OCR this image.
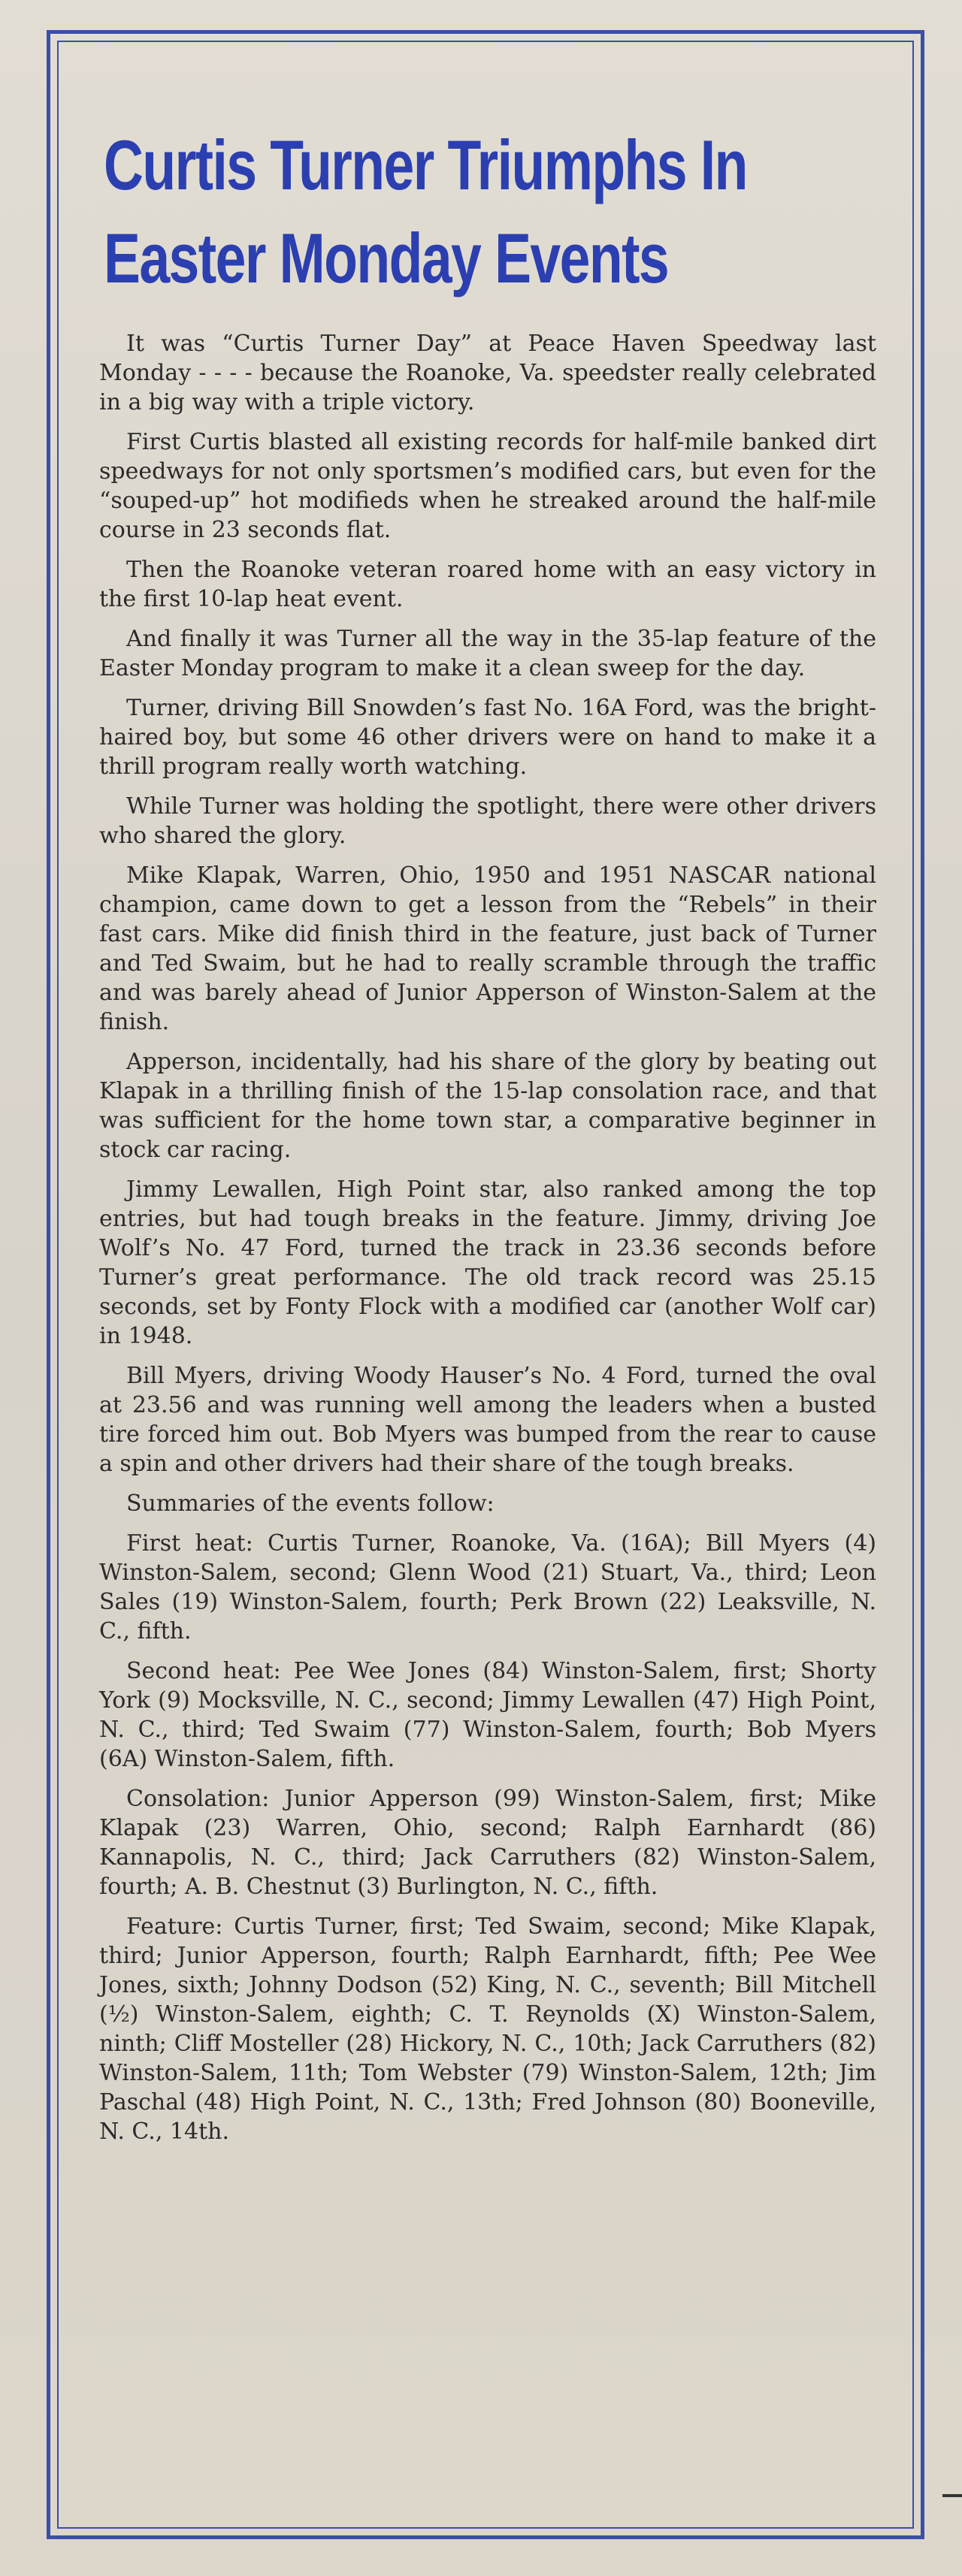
Curtis Turner Triumphs In
Easter Monday Events

It was “Curtis Turner Day” at Peace Haven Speedway last Monday - - - - because the Roanoke, Va. speedster really celebrated in a big way with a triple victory.

First Curtis blasted all existing records for half-mile banked dirt speedways for not only sportsmen’s modified cars, but even for the “souped-up” hot modifieds when he streaked around the half-mile course in 23 seconds flat.

Then the Roanoke veteran roared home with an easy victory in the first 10-lap heat event.

And finally it was Turner all the way in the 35-lap feature of the Easter Monday program to make it a clean sweep for the day.

Turner, driving Bill Snowden’s fast No. 16A Ford, was the bright-haired boy, but some 46 other drivers were on hand to make it a thrill program really worth watching.

While Turner was holding the spotlight, there were other drivers who shared the glory.

Mike Klapak, Warren, Ohio, 1950 and 1951 NASCAR national champion, came down to get a lesson from the “Rebels” in their fast cars. Mike did finish third in the feature, just back of Turner and Ted Swaim, but he had to really scramble through the traffic and was barely ahead of Junior Apperson of Winston-Salem at the finish.

Apperson, incidentally, had his share of the glory by beating out Klapak in a thrilling finish of the 15-lap consolation race, and that was sufficient for the home town star, a comparative beginner in stock car racing.

Jimmy Lewallen, High Point star, also ranked among the top entries, but had tough breaks in the feature. Jimmy, driving Joe Wolf’s No. 47 Ford, turned the track in 23.36 seconds before Turner’s great performance. The old track record was 25.15 seconds, set by Fonty Flock with a modified car (another Wolf car) in 1948.

Bill Myers, driving Woody Hauser’s No. 4 Ford, turned the oval at 23.56 and was running well among the leaders when a busted tire forced him out. Bob Myers was bumped from the rear to cause a spin and other drivers had their share of the tough breaks.

Summaries of the events follow:

First heat: Curtis Turner, Roanoke, Va. (16A); Bill Myers (4) Winston-Salem, second; Glenn Wood (21) Stuart, Va., third; Leon Sales (19) Winston-Salem, fourth; Perk Brown (22) Leaksville, N. C., fifth.

Second heat: Pee Wee Jones (84) Winston-Salem, first; Shorty York (9) Mocksville, N. C., second; Jimmy Lewallen (47) High Point, N. C., third; Ted Swaim (77) Winston-Salem, fourth; Bob Myers (6A) Winston-Salem, fifth.

Consolation: Junior Apperson (99) Winston-Salem, first; Mike Klapak (23) Warren, Ohio, second; Ralph Earnhardt (86) Kannapolis, N. C., third; Jack Carruthers (82) Winston-Salem, fourth; A. B. Chestnut (3) Burlington, N. C., fifth.

Feature: Curtis Turner, first; Ted Swaim, second; Mike Klapak, third; Junior Apperson, fourth; Ralph Earnhardt, fifth; Pee Wee Jones, sixth; Johnny Dodson (52) King, N. C., seventh; Bill Mitchell (½) Winston-Salem, eighth; C. T. Reynolds (X) Winston-Salem, ninth; Cliff Mosteller (28) Hickory, N. C., 10th; Jack Carruthers (82) Winston-Salem, 11th; Tom Webster (79) Winston-Salem, 12th; Jim Paschal (48) High Point, N. C., 13th; Fred Johnson (80) Booneville, N. C., 14th.
